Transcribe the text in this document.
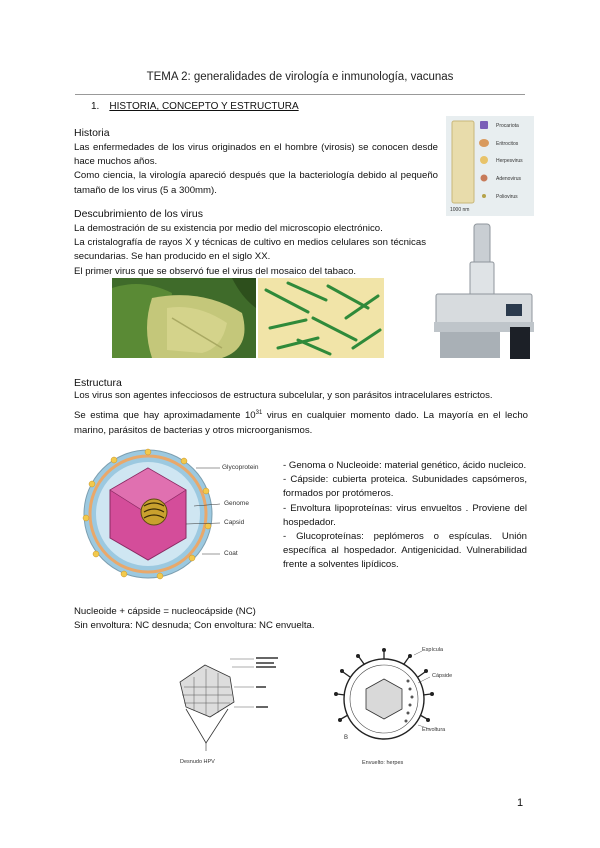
TEMA 2: generalidades de virología e inmunología, vacunas
1. HISTORIA, CONCEPTO Y ESTRUCTURA
Historia

Las enfermedades de los virus originados en el hombre (virosis) se conocen desde hace muchos años.

Como ciencia, la virología apareció después que la bacteriología debido al pequeño tamaño de los virus (5 a 300mm).

Procariota
Eritrocitos
Herpesvirus
Adenovirus
Poliovirus
1000 nm
Descubrimiento de los virus

La demostración de su existencia por medio del microscopio electrónico.

La cristalografía de rayos X y técnicas de cultivo en medios celulares son técnicas secundarias. Se han producido en el siglo XX.

El primer virus que se observó fue el virus del mosaico del tabaco.

Estructura

Los virus son agentes infecciosos de estructura subcelular, y son parásitos intracelulares estrictos.

Se estima que hay aproximadamente $10^{31}$ virus en cualquier momento dado. La mayoría en el lecho marino, parásitos de bacterias y otros microorganismos.

Glycoprotein
Genome
Capsid
Coat

- Genoma o Nucleoide: material genético, ácido nucleico.

- Cápside: cubierta proteica. Subunidades capsómeros, formados por protómeros.

- Envoltura lipoproteínas: virus envueltos . Proviene del hospedador.

- Glucoproteínas: peplómeros o espículas. Unión específica al hospedador. Antigenicidad. Vulnerabilidad frente a solventes lipídicos.

Nucleoide + cápside = nucleocápside (NC)

Sin envoltura: NC desnuda; Con envoltura: NC envuelta.

Desnudo HPV
Espícula
Cápside
Envoltura
B
Envuelto: herpes
1
